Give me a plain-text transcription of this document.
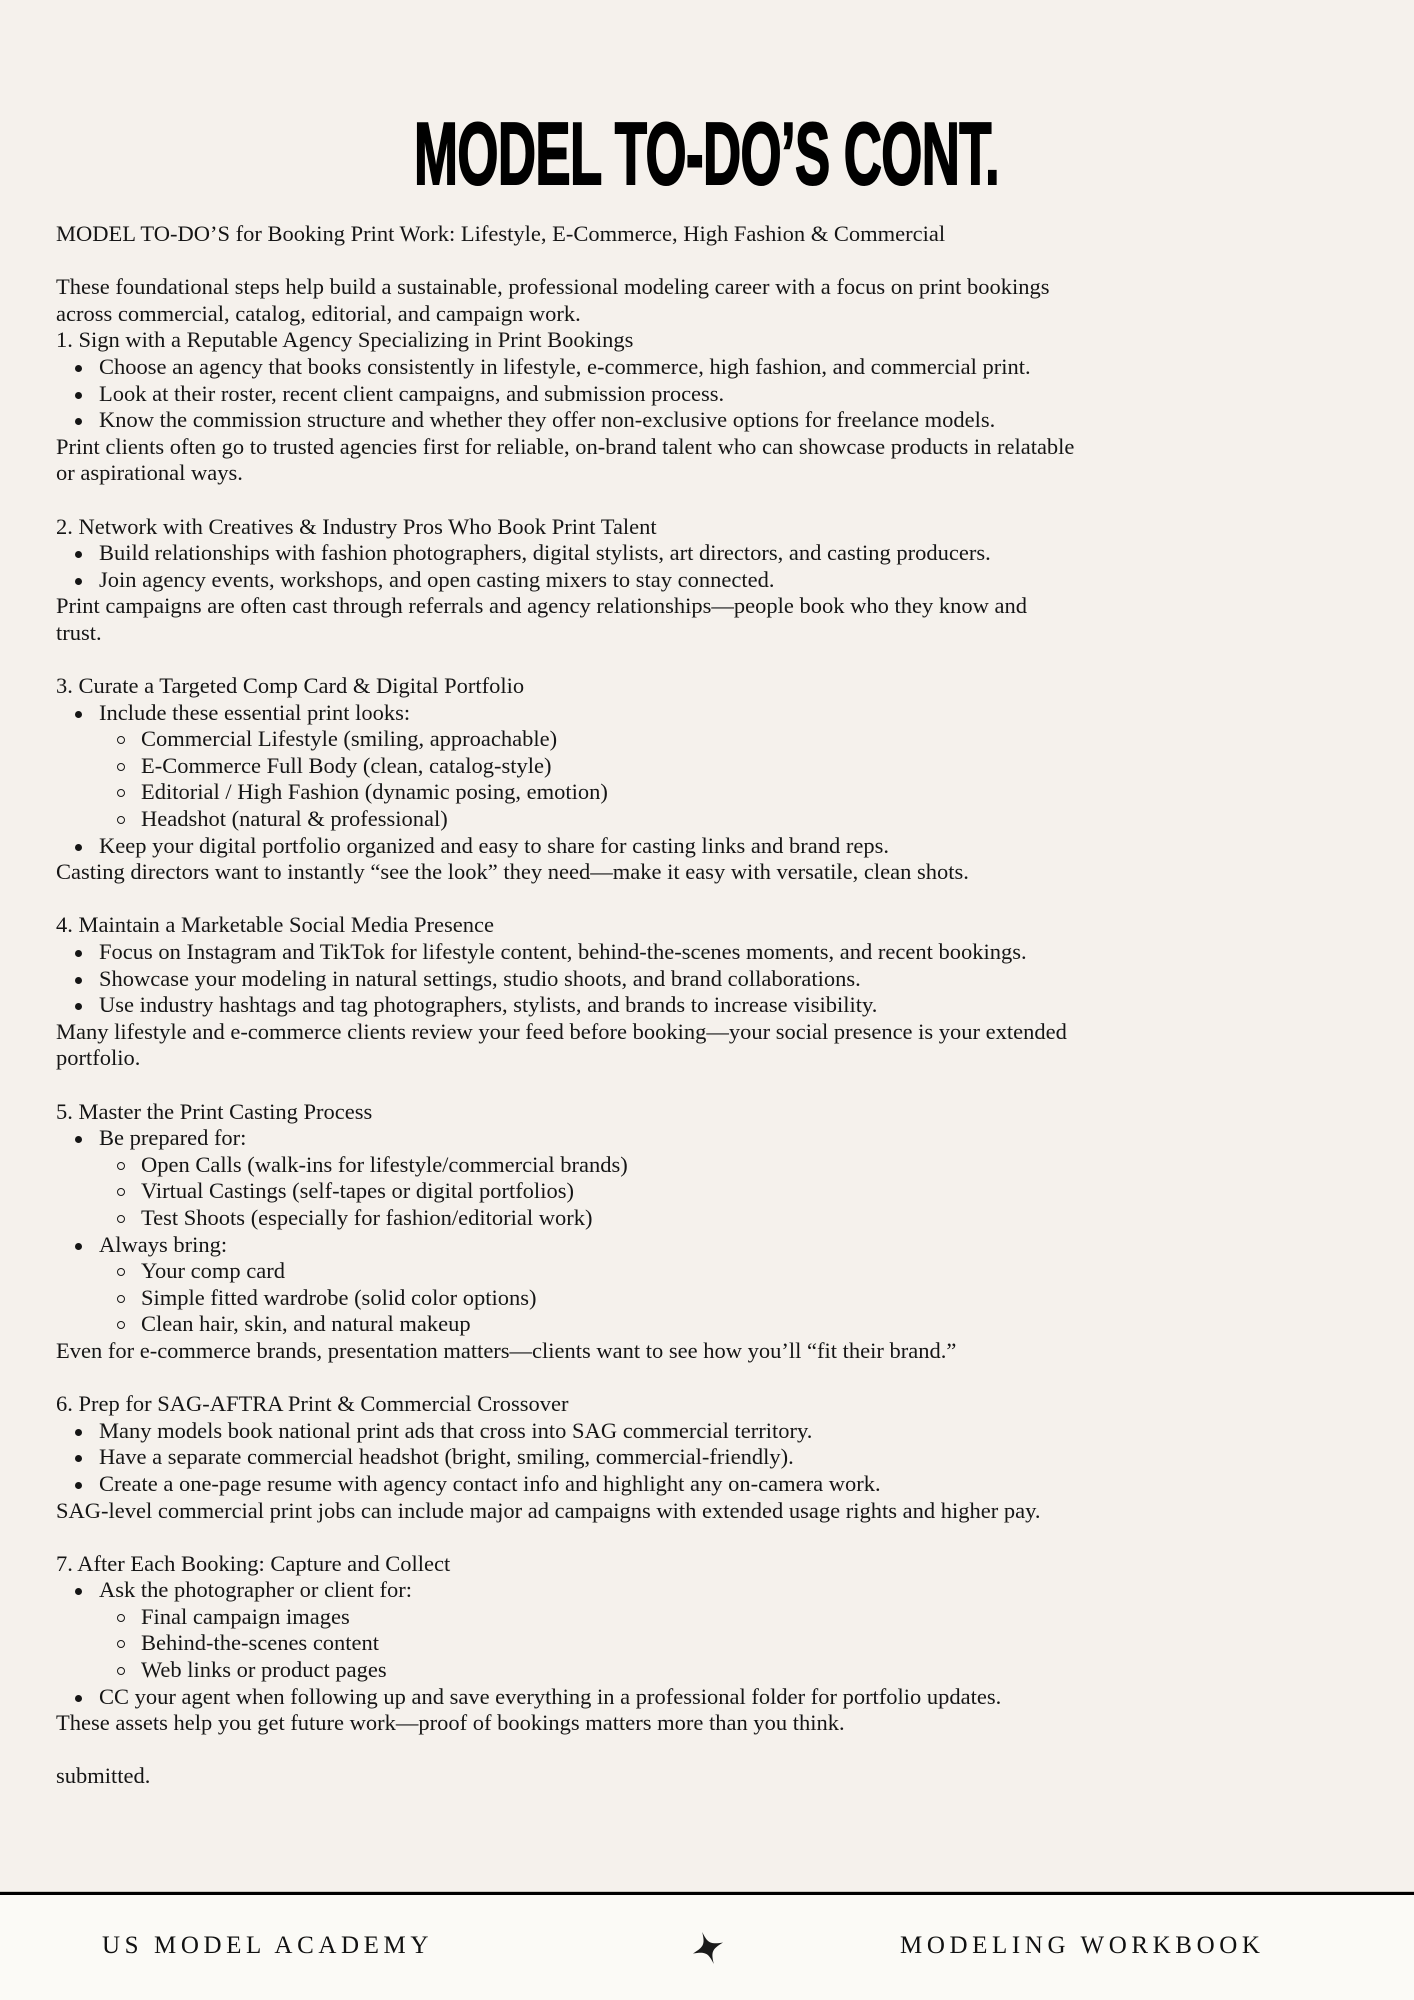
MODEL TO-DO’S CONT.
MODEL TO-DO’S for Booking Print Work: Lifestyle, E-Commerce, High Fashion & Commercial
These foundational steps help build a sustainable, professional modeling career with a focus on print bookings
across commercial, catalog, editorial, and campaign work.
1. Sign with a Reputable Agency Specializing in Print Bookings
Choose an agency that books consistently in lifestyle, e-commerce, high fashion, and commercial print.
Look at their roster, recent client campaigns, and submission process.
Know the commission structure and whether they offer non-exclusive options for freelance models.
Print clients often go to trusted agencies first for reliable, on-brand talent who can showcase products in relatable
or aspirational ways.
2. Network with Creatives & Industry Pros Who Book Print Talent
Build relationships with fashion photographers, digital stylists, art directors, and casting producers.
Join agency events, workshops, and open casting mixers to stay connected.
Print campaigns are often cast through referrals and agency relationships—people book who they know and
trust.
3. Curate a Targeted Comp Card & Digital Portfolio
Include these essential print looks:
Commercial Lifestyle (smiling, approachable)
E-Commerce Full Body (clean, catalog-style)
Editorial / High Fashion (dynamic posing, emotion)
Headshot (natural & professional)
Keep your digital portfolio organized and easy to share for casting links and brand reps.
Casting directors want to instantly “see the look” they need—make it easy with versatile, clean shots.
4. Maintain a Marketable Social Media Presence
Focus on Instagram and TikTok for lifestyle content, behind-the-scenes moments, and recent bookings.
Showcase your modeling in natural settings, studio shoots, and brand collaborations.
Use industry hashtags and tag photographers, stylists, and brands to increase visibility.
Many lifestyle and e-commerce clients review your feed before booking—your social presence is your extended
portfolio.
5. Master the Print Casting Process
Be prepared for:
Open Calls (walk-ins for lifestyle/commercial brands)
Virtual Castings (self-tapes or digital portfolios)
Test Shoots (especially for fashion/editorial work)
Always bring:
Your comp card
Simple fitted wardrobe (solid color options)
Clean hair, skin, and natural makeup
Even for e-commerce brands, presentation matters—clients want to see how you’ll “fit their brand.”
6. Prep for SAG-AFTRA Print & Commercial Crossover
Many models book national print ads that cross into SAG commercial territory.
Have a separate commercial headshot (bright, smiling, commercial-friendly).
Create a one-page resume with agency contact info and highlight any on-camera work.
SAG-level commercial print jobs can include major ad campaigns with extended usage rights and higher pay.
7. After Each Booking: Capture and Collect
Ask the photographer or client for:
Final campaign images
Behind-the-scenes content
Web links or product pages
CC your agent when following up and save everything in a professional folder for portfolio updates.
These assets help you get future work—proof of bookings matters more than you think.
submitted.
US MODEL ACADEMY	MODELING WORKBOOK
